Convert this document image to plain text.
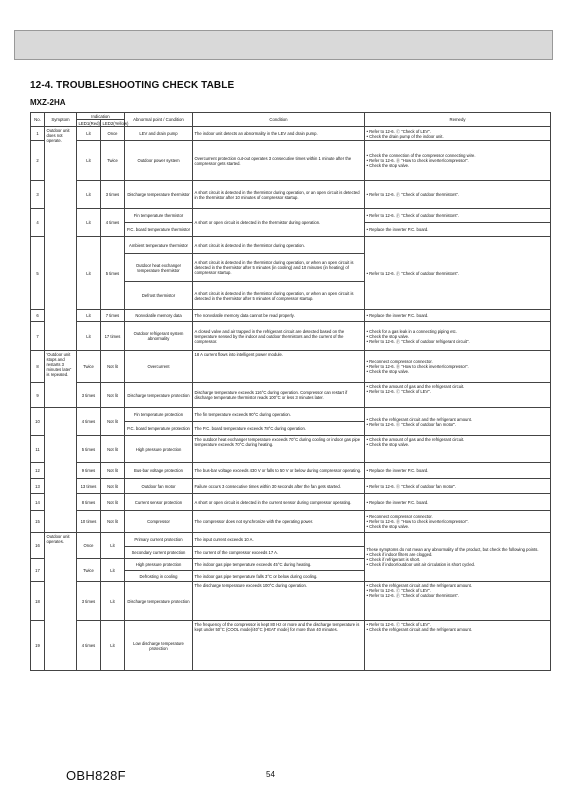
12-4. TROUBLESHOOTING CHECK TABLE
MXZ-2HA
No.	Symptom	Indication		Abnormal point / Condition	Condition	Remedy
		LED1(Red)	LED2(Yellow)			
1	Outdoor unit does not operate.	Lit	Once	LEV and drain pump	The indoor unit detects an abnormality in the LEV and drain pump.	• Refer to 12-6. Ⓒ "Check of LEV".
• Check the drain pump of the indoor unit.

2		Lit	Twice	Outdoor power system	Overcurrent protection cut-out operates 3 consecutive times within 1 minute after the compressor gets started.	• Check the connection of the compressor connecting wire.
• Refer to 12-6. Ⓑ "How to check inverter/compressor".
• Check the stop valve.

3		Lit	3 times	Discharge temperature thermistor	A short circuit is detected in the thermistor during operation, or an open circuit is detected in the thermistor after 10 minutes of compressor startup.	• Refer to 12-6. Ⓕ "Check of outdoor thermistors".

4		Lit	4 times	Fin temperature thermistor	A short or open circuit is detected in the thermistor during operation.	• Refer to 12-6. Ⓕ "Check of outdoor thermistors".

				P.C. board temperature thermistor		• Replace the inverter P.C. board.

5		Lit	5 times	Ambient temperature thermistor	A short circuit is detected in the thermistor during operation.	• Refer to 12-6. Ⓕ "Check of outdoor thermistors".

				Outdoor heat exchanger temperature thermistor	A short circuit is detected in the thermistor during operation, or when an open circuit is detected in the thermistor after 5 minutes (in cooling) and 10 minutes (in heating) of compressor startup.	
				Defrost thermistor	A short circuit is detected in the thermistor during operation, or when an open circuit is detected in the thermistor after 5 minutes of compressor startup.	
6		Lit	7 times	Nonvolatile memory data	The nonvolatile memory data cannot be read properly.	• Replace the inverter P.C. board.

7		Lit	17 times	Outdoor refrigerant system abnormality	A closed valve and air trapped in the refrigerant circuit are detected based on the temperature sensed by the indoor and outdoor thermistors and the current of the compressor.	• Check for a gas leak in a connecting piping etc.
• Check the stop valve.
• Refer to 12-6. Ⓕ "Check of outdoor refrigerant circuit".

8	'Outdoor unit stops and restarts 3 minutes later' is repeated.	Twice	Not lit	Overcurrent	18 A current flows into intelligent power module.	• Reconnect compressor connector.
• Refer to 12-6. Ⓑ "How to check inverter/compressor".
• Check the stop valve.

9		3 times	Not lit	Discharge temperature protection	Discharge temperature exceeds 116°C during operation. Compressor can restart if discharge temperature thermistor reads 100°C or less 3 minutes later.	• Check the amount of gas and the refrigerant circuit.
• Refer to 12-6. Ⓒ "Check of LEV".

10		4 times	Not lit	Fin temperature protection	The fin temperature exceeds 90°C during operation.	• Check the refrigerant circuit and the refrigerant amount.
• Refer to 12-6. Ⓖ "Check of outdoor fan motor".

				P.C. board temperature protection	The P.C. board temperature exceeds 78°C during operation.	
11		5 times	Not lit	High pressure protection	The outdoor heat exchanger temperature exceeds 70°C during cooling or indoor gas pipe temperature exceeds 70°C during heating.	• Check the amount of gas and the refrigerant circuit.
• Check the stop valve.

12		9 times	Not lit	Bus-bar voltage protection	The bus-bar voltage exceeds 430 V or falls to 50 V or below during compressor operating.	• Replace the inverter P.C. board.

13		13 times	Not lit	Outdoor fan motor	Failure occurs 3 consecutive times within 30 seconds after the fan gets started.	• Refer to 12-6. Ⓖ "Check of outdoor fan motor".

14		8 times	Not lit	Current sensor protection	A short or open circuit is detected in the current sensor during compressor operating.	• Replace the inverter P.C. board.

15		10 times	Not lit	Compressor	The compressor does not synchronize with the operating power.	• Reconnect compressor connector.
• Refer to 12-6. Ⓑ "How to check inverter/compressor".
• Check the stop valve.

16	Outdoor unit operates.	Once	Lit	Primary current protection	The input current exceeds 10 A.	These symptoms do not mean any abnormality of the product, but check the following points.
• Check if indoor filters are clogged.
• Check if refrigerant is short.
• Check if indoor/outdoor unit air circulation is short cycled.

				Secondary current protection	The current of the compressor exceeds 17 A.	
17		Twice	Lit	High pressure protection	The indoor gas pipe temperature exceeds 45°C during heating.	
				Defrosting in cooling	The indoor gas pipe temperature falls 3°C or below during cooling.	
18		3 times	Lit	Discharge temperature protection	The discharge temperature exceeds 100°C during operation.	• Check the refrigerant circuit and the refrigerant amount.
• Refer to 12-6. Ⓒ "Check of LEV".
• Refer to 12-6. Ⓕ "Check of outdoor thermistors".

19		4 times	Lit	Low discharge temperature protection	The frequency of the compressor is kept 80 Hz or more and the discharge temperature is kept under 50°C (COOL mode)/40°C (HEAT mode) for more than 40 minutes.	• Refer to 12-6. Ⓒ "Check of LEV".
• Check the refrigerant circuit and the refrigerant amount.
OBH828F	54
